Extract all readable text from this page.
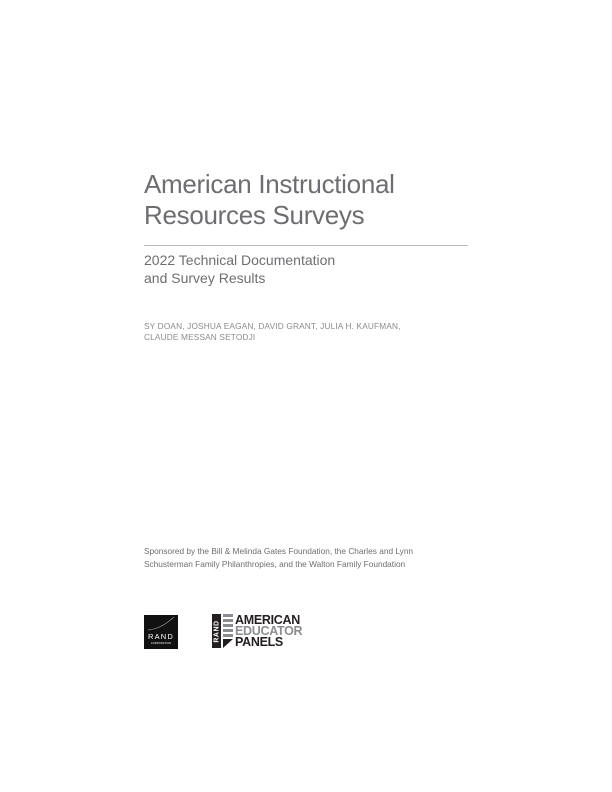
American Instructional
Resources Surveys
2022 Technical Documentation
and Survey Results
SY DOAN, JOSHUA EAGAN, DAVID GRANT, JULIA H. KAUFMAN,
CLAUDE MESSAN SETODJI
Sponsored by the Bill & Melinda Gates Foundation, the Charles and Lynn
Schusterman Family Philanthropies, and the Walton Family Foundation
RAND
CORPORATION
RAND
AMERICAN
EDUCATOR
PANELS
